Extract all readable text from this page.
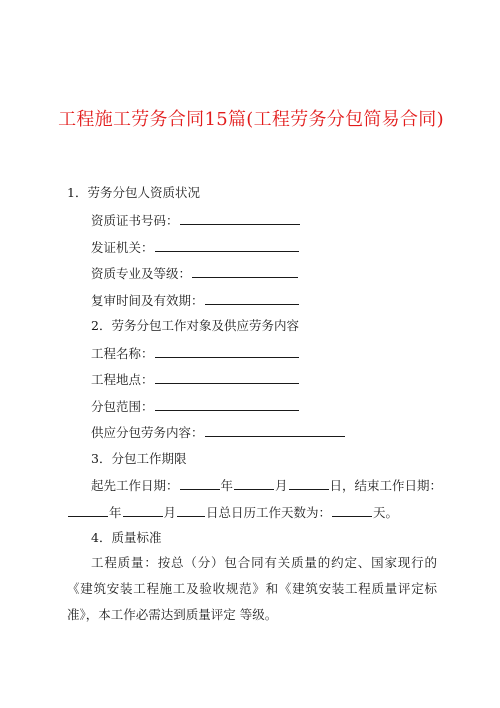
工程施工劳务合同15篇(工程劳务分包简易合同)
1．劳务分包人资质状况
资质证书号码：
发证机关：
资质专业及等级：
复审时间及有效期：
2．劳务分包工作对象及供应劳务内容
工程名称：
工程地点：
分包范围：
供应分包劳务内容：
3．分包工作期限
起先工作日期：	年	月	日，结束工作日期：
年	月 日总日历工作天数为：	天。
4．质量标准
工程质量：按总（分）包合同有关质量的约定、国家现行的《建筑安装工程施工及验收规范》和《建筑安装工程质量评定标准》，本工作必需达到质量评定 等级。
